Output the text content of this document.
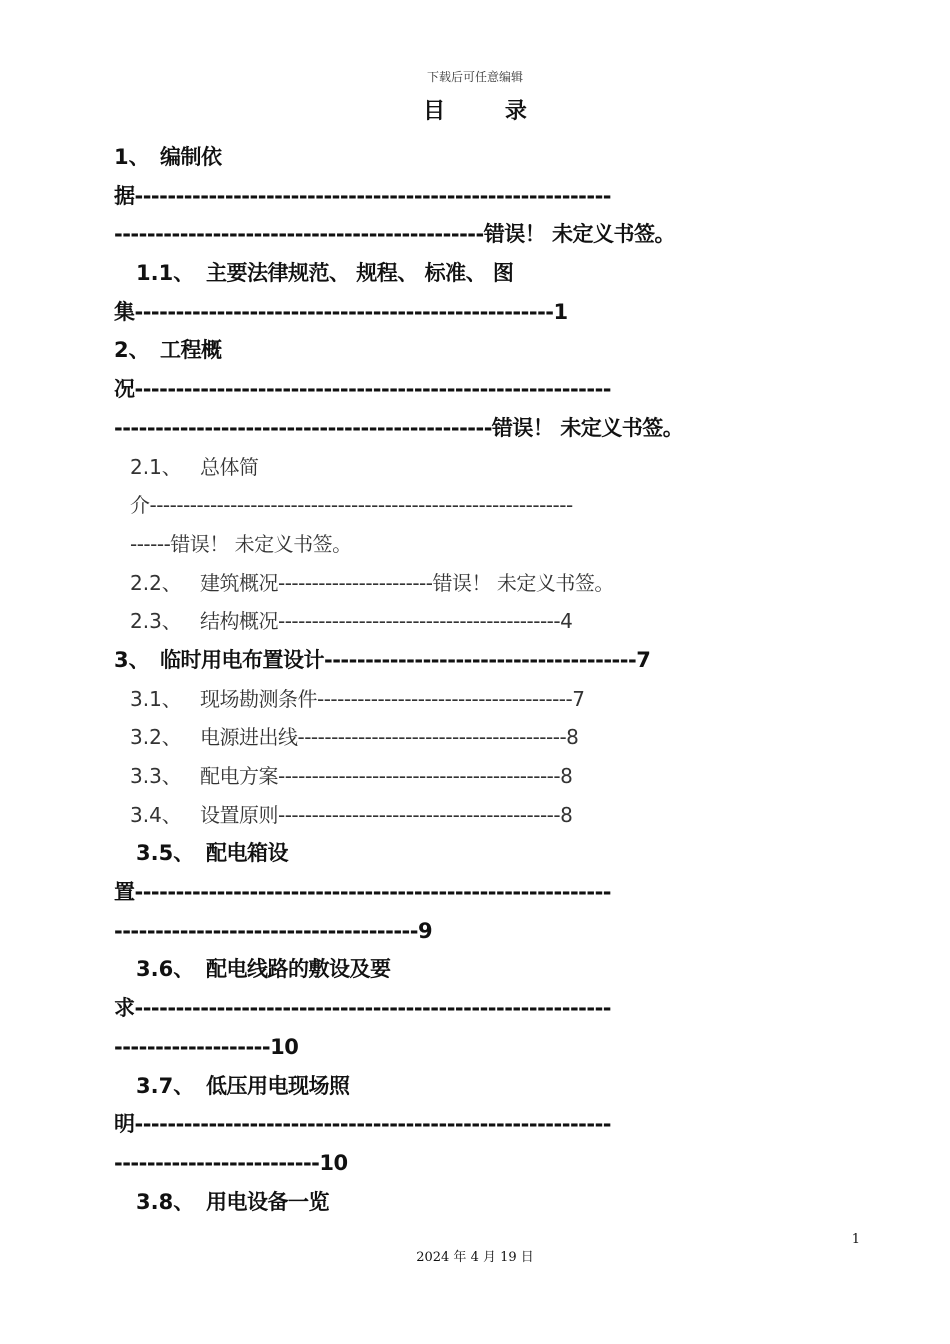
下载后可任意编辑
目 录
1、 编制依
据----------------------------------------------------------
---------------------------------------------错误！ 未定义书签。
1.1、 主要法律规范、 规程、 标准、 图
集---------------------------------------------------1
2、 工程概
况----------------------------------------------------------
----------------------------------------------错误！ 未定义书签。
2.1、 总体简
介---------------------------------------------------------------
------错误！ 未定义书签。
2.2、 建筑概况-----------------------错误！ 未定义书签。
2.3、 结构概况------------------------------------------4
3、 临时用电布置设计--------------------------------------7
3.1、 现场勘测条件--------------------------------------7
3.2、 电源进出线----------------------------------------8
3.3、 配电方案------------------------------------------8
3.4、 设置原则------------------------------------------8
3.5、 配电箱设
置----------------------------------------------------------
-------------------------------------9
3.6、 配电线路的敷设及要
求----------------------------------------------------------
-------------------10
3.7、 低压用电现场照
明----------------------------------------------------------
-------------------------10
3.8、 用电设备一览
1
2024 年 4 月 19 日
